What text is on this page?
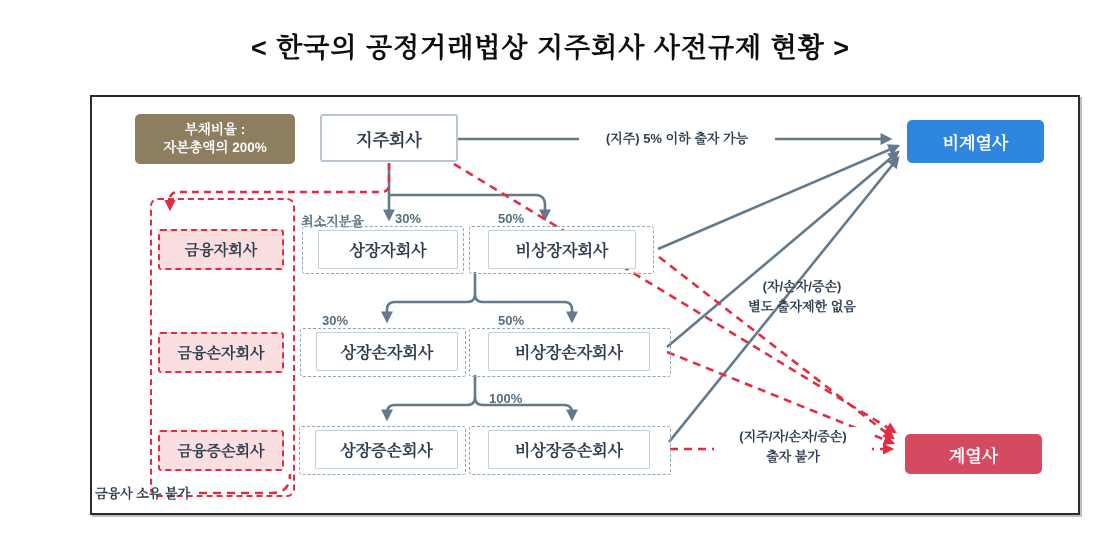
< 한국의 공정거래법상 지주회사 사전규제 현황 >
금융자회사
금융손자회사
금융증손회사
금융사 소유 불가
부채비율 :
자본총액의 200%	지주회사	(지주) 5% 이하 출자 가능	비계열사
최소지분율 30%	50%
상장자회사	비상장자회사
30%	50%
상장손자회사	비상장손자회사
100%
상장증손회사	비상장증손회사
(자/손자/증손)
별도 출자제한 없음
(지주/자/손자/증손)
출자 불가	계열사
